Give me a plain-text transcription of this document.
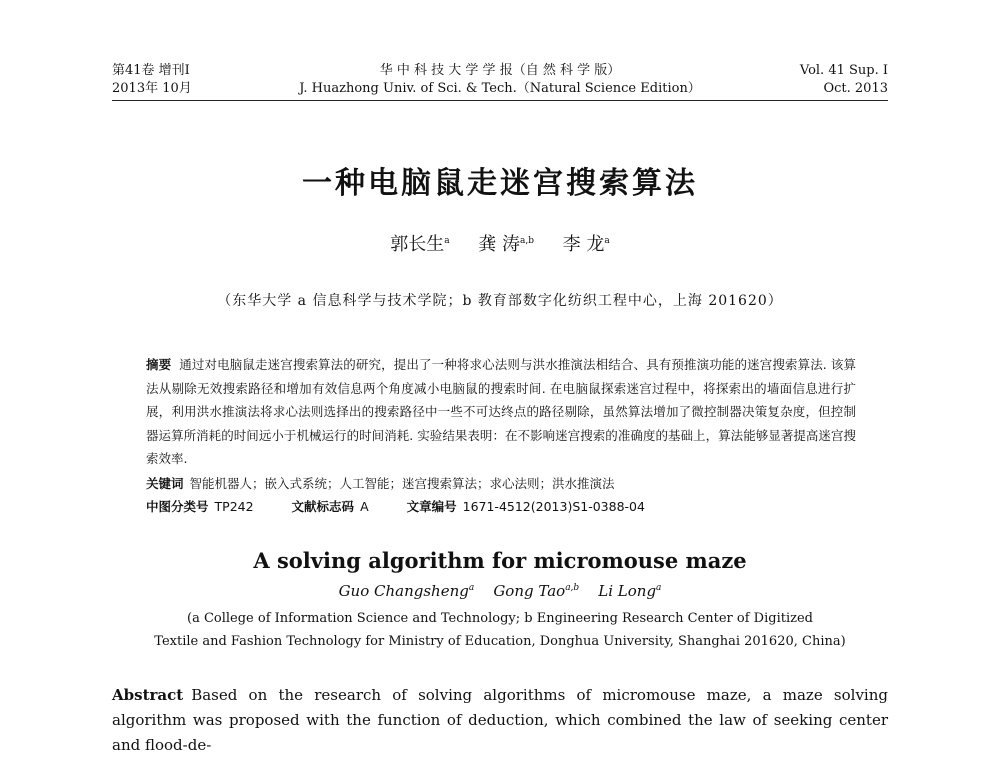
第41卷 增刊Ⅰ
2013年 10月
华 中 科 技 大 学 学 报（自 然 科 学 版）
J. Huazhong Univ. of Sci. & Tech.（Natural Science Edition）
Vol. 41 Sup. Ⅰ
Oct. 2013
一种电脑鼠走迷宫搜索算法
郭长生$^a$ 龚 涛$^{a,b}$ 李 龙$^a$
（东华大学 a 信息科学与技术学院；b 教育部数字化纺织工程中心，上海 201620）
摘要 通过对电脑鼠走迷宫搜索算法的研究，提出了一种将求心法则与洪水推演法相结合、具有预推演功能的迷宫搜索算法. 该算法从剔除无效搜索路径和增加有效信息两个角度减小电脑鼠的搜索时间. 在电脑鼠探索迷宫过程中，将探索出的墙面信息进行扩展，利用洪水推演法将求心法则选择出的搜索路径中一些不可达终点的路径剔除，虽然算法增加了微控制器决策复杂度，但控制器运算所消耗的时间远小于机械运行的时间消耗. 实验结果表明：在不影响迷宫搜索的准确度的基础上，算法能够显著提高迷宫搜索效率.
关键词 智能机器人；嵌入式系统；人工智能；迷宫搜索算法；求心法则；洪水推演法
中图分类号 TP242	文献标志码 A	文章编号 1671-4512(2013)S1-0388-04
A solving algorithm for micromouse maze
Guo Changsheng$^a$ Gong Tao$^{a,b}$ Li Long$^a$
(a College of Information Science and Technology; b Engineering Research Center of Digitized
Textile and Fashion Technology for Ministry of Education, Donghua University, Shanghai 201620, China)
Abstract Based on the research of solving algorithms of micromouse maze, a maze solving algorithm was proposed with the function of deduction, which combined the law of seeking center and flood-de-
